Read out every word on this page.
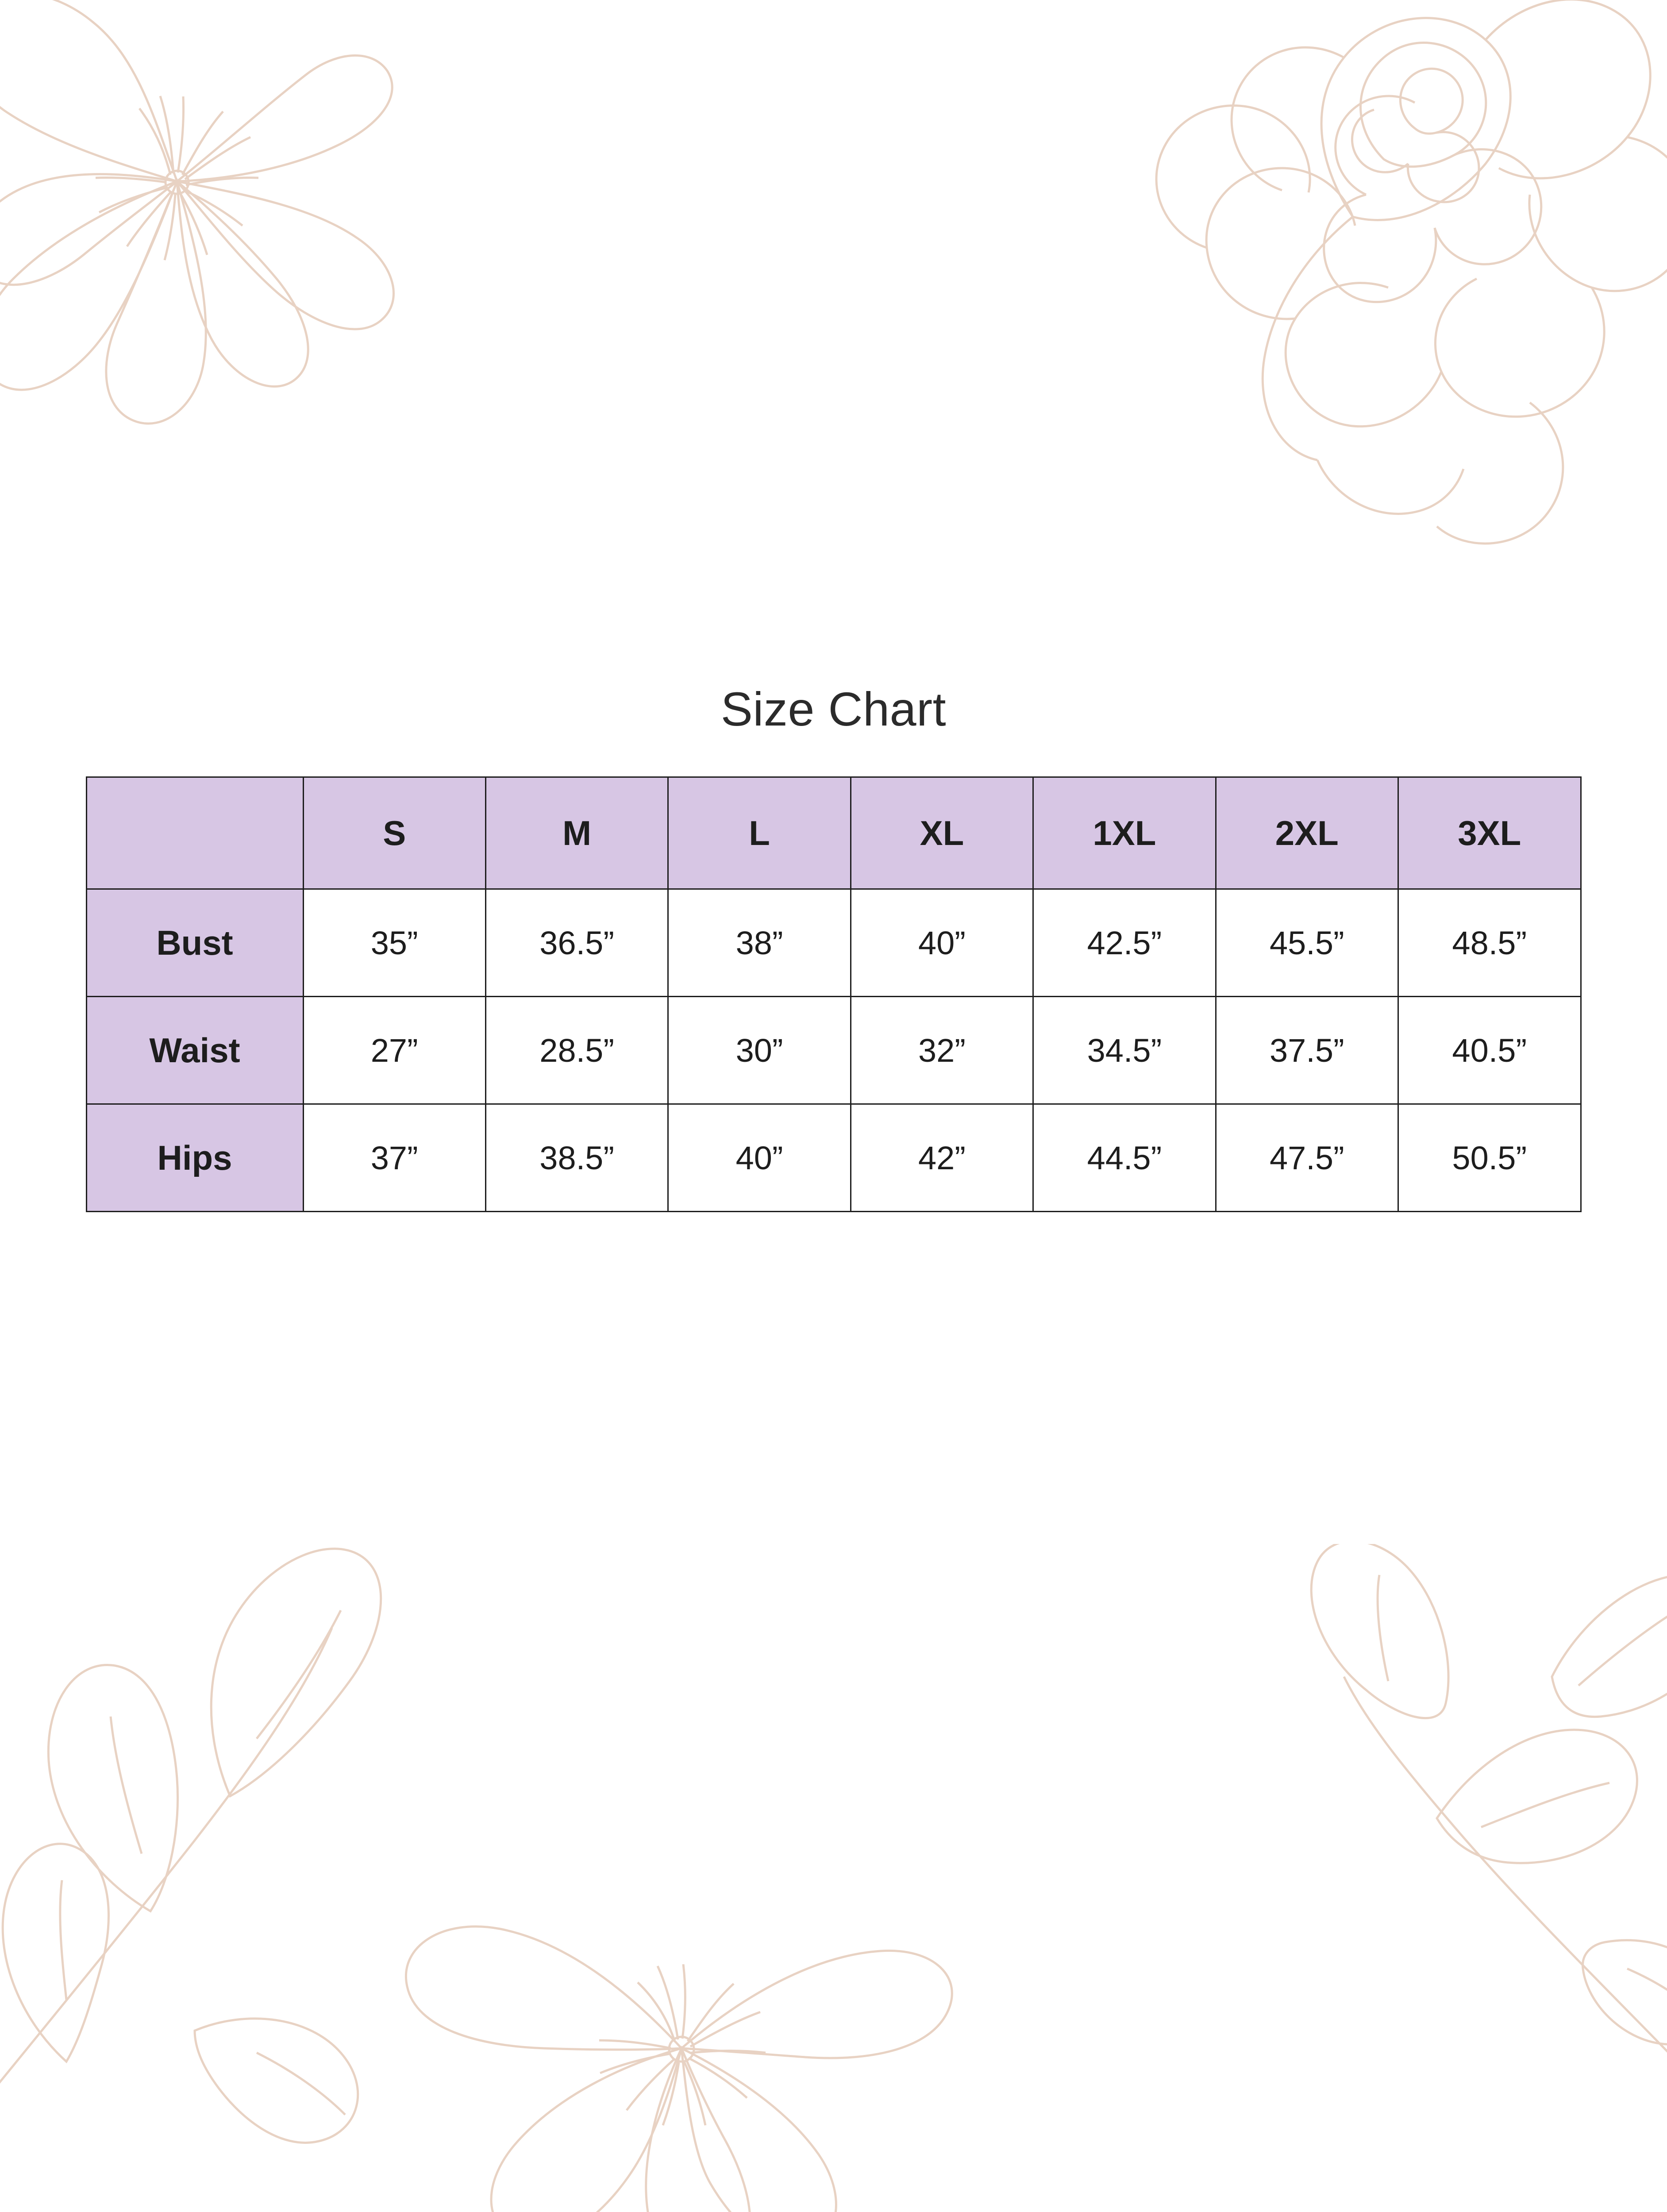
Size Chart
	S	M	L	XL	1XL	2XL	3XL
Bust	35”	36.5”	38”	40”	42.5”	45.5”	48.5”
Waist	27”	28.5”	30”	32”	34.5”	37.5”	40.5”
Hips	37”	38.5”	40”	42”	44.5”	47.5”	50.5”
